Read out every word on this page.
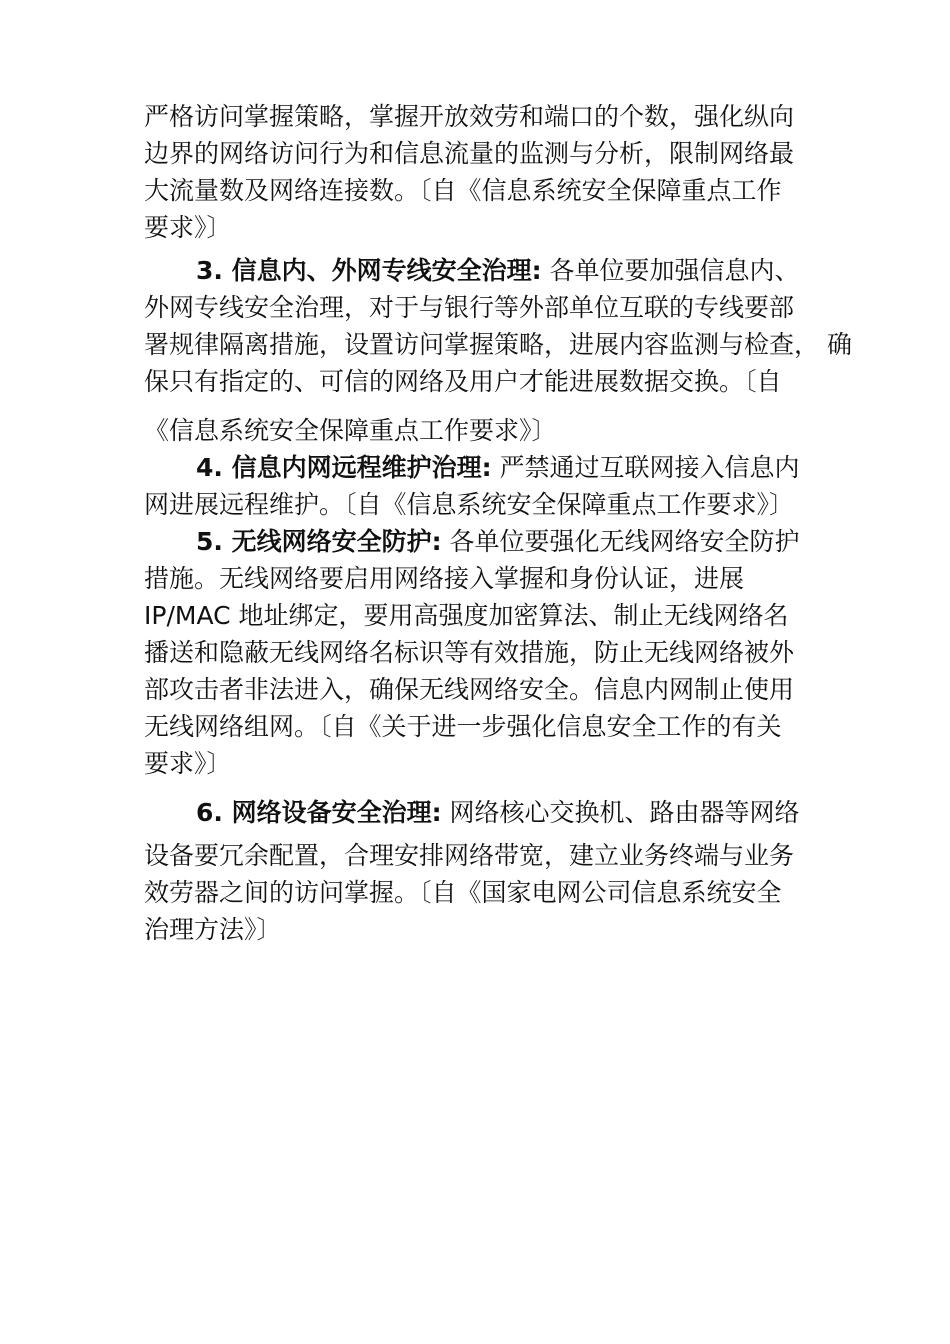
严格访问掌握策略，掌握开放效劳和端口的个数，强化纵向
边界的网络访问行为和信息流量的监测与分析，限制网络最
大流量数及网络连接数。〔自《信息系统安全保障重点工作
要求》〕
3. 信息内、外网专线安全治理: 各单位要加强信息内、
外网专线安全治理，对于与银行等外部单位互联的专线要部
署规律隔离措施，设置访问掌握策略，进展内容监测与检查， 确
保只有指定的、可信的网络及用户才能进展数据交换。〔自
《信息系统安全保障重点工作要求》〕
4. 信息内网远程维护治理: 严禁通过互联网接入信息内
网进展远程维护。〔自《信息系统安全保障重点工作要求》〕
5. 无线网络安全防护: 各单位要强化无线网络安全防护
措施。无线网络要启用网络接入掌握和身份认证，进展
IP/MAC 地址绑定，要用高强度加密算法、制止无线网络名
播送和隐蔽无线网络名标识等有效措施，防止无线网络被外
部攻击者非法进入，确保无线网络安全。信息内网制止使用
无线网络组网。〔自《关于进一步强化信息安全工作的有关
要求》〕
6. 网络设备安全治理: 网络核心交换机、路由器等网络
设备要冗余配置，合理安排网络带宽，建立业务终端与业务
效劳器之间的访问掌握。〔自《国家电网公司信息系统安全
治理方法》〕
